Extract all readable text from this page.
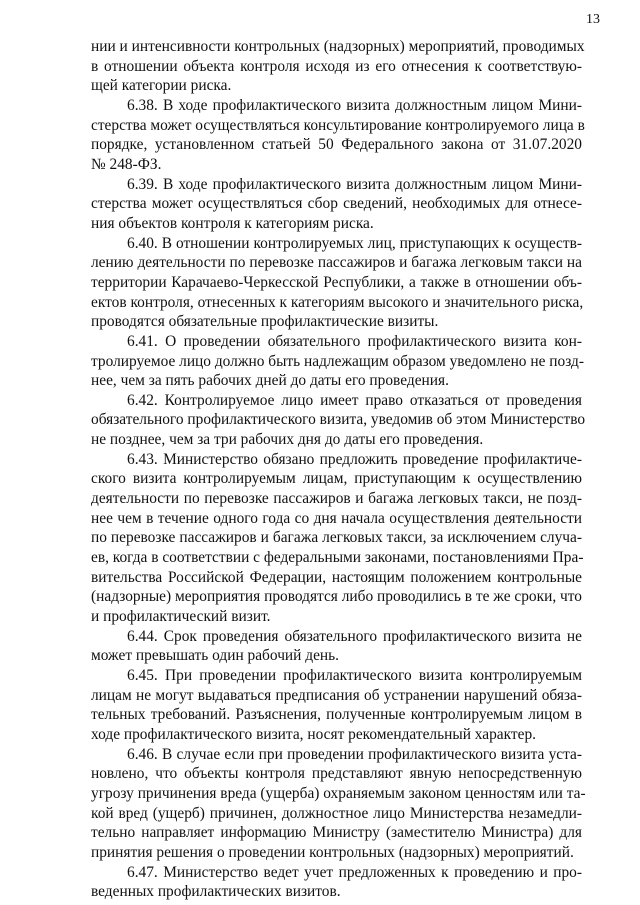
13
нии и интенсивности контрольных (надзорных) мероприятий, проводимых
в отношении объекта контроля исходя из его отнесения к соответствую-
щей категории риска.
6.38. В ходе профилактического визита должностным лицом Мини-
стерства может осуществляться консультирование контролируемого лица в
порядке, установленном статьей 50 Федерального закона от 31.07.2020
№ 248-ФЗ.
6.39. В ходе профилактического визита должностным лицом Мини-
стерства может осуществляться сбор сведений, необходимых для отнесе-
ния объектов контроля к категориям риска.
6.40. В отношении контролируемых лиц, приступающих к осуществ-
лению деятельности по перевозке пассажиров и багажа легковым такси на
территории Карачаево-Черкесской Республики, а также в отношении объ-
ектов контроля, отнесенных к категориям высокого и значительного риска,
проводятся обязательные профилактические визиты.
6.41. О проведении обязательного профилактического визита кон-
тролируемое лицо должно быть надлежащим образом уведомлено не позд-
нее, чем за пять рабочих дней до даты его проведения.
6.42. Контролируемое лицо имеет право отказаться от проведения
обязательного профилактического визита, уведомив об этом Министерство
не позднее, чем за три рабочих дня до даты его проведения.
6.43. Министерство обязано предложить проведение профилактиче-
ского визита контролируемым лицам, приступающим к осуществлению
деятельности по перевозке пассажиров и багажа легковых такси, не позд-
нее чем в течение одного года со дня начала осуществления деятельности
по перевозке пассажиров и багажа легковых такси, за исключением случа-
ев, когда в соответствии с федеральными законами, постановлениями Пра-
вительства Российской Федерации, настоящим положением контрольные
(надзорные) мероприятия проводятся либо проводились в те же сроки, что
и профилактический визит.
6.44. Срок проведения обязательного профилактического визита не
может превышать один рабочий день.
6.45. При проведении профилактического визита контролируемым
лицам не могут выдаваться предписания об устранении нарушений обяза-
тельных требований. Разъяснения, полученные контролируемым лицом в
ходе профилактического визита, носят рекомендательный характер.
6.46. В случае если при проведении профилактического визита уста-
новлено, что объекты контроля представляют явную непосредственную
угрозу причинения вреда (ущерба) охраняемым законом ценностям или та-
кой вред (ущерб) причинен, должностное лицо Министерства незамедли-
тельно направляет информацию Министру (заместителю Министра) для
принятия решения о проведении контрольных (надзорных) мероприятий.
6.47. Министерство ведет учет предложенных к проведению и про-
веденных профилактических визитов.
